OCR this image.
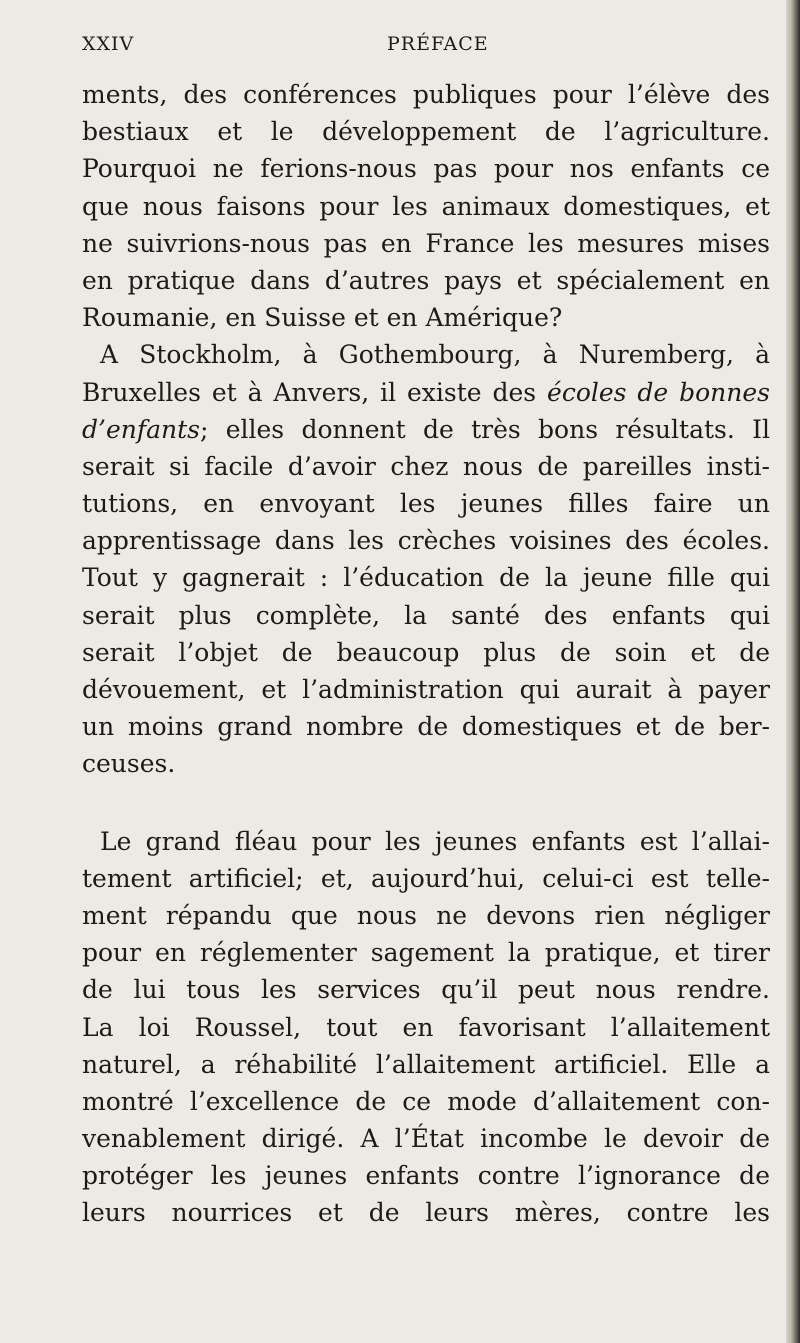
XXIV	PRÉFACE
ments, des conférences publiques pour l’élève des
bestiaux et le développement de l’agriculture.
Pourquoi ne ferions-nous pas pour nos enfants ce
que nous faisons pour les animaux domestiques, et
ne suivrions-nous pas en France les mesures mises
en pratique dans d’autres pays et spécialement en
Roumanie, en Suisse et en Amérique?
A Stockholm, à Gothembourg, à Nuremberg, à
Bruxelles et à Anvers, il existe des écoles de bonnes
d’enfants; elles donnent de très bons résultats. Il
serait si facile d’avoir chez nous de pareilles insti-
tutions, en envoyant les jeunes filles faire un
apprentissage dans les crèches voisines des écoles.
Tout y gagnerait : l’éducation de la jeune fille qui
serait plus complète, la santé des enfants qui
serait l’objet de beaucoup plus de soin et de
dévouement, et l’administration qui aurait à payer
un moins grand nombre de domestiques et de ber-
ceuses.
Le grand fléau pour les jeunes enfants est l’allai-
tement artificiel; et, aujourd’hui, celui-ci est telle-
ment répandu que nous ne devons rien négliger
pour en réglementer sagement la pratique, et tirer
de lui tous les services qu’il peut nous rendre.
La loi Roussel, tout en favorisant l’allaitement
naturel, a réhabilité l’allaitement artificiel. Elle a
montré l’excellence de ce mode d’allaitement con-
venablement dirigé. A l’État incombe le devoir de
protéger les jeunes enfants contre l’ignorance de
leurs nourrices et de leurs mères, contre les
